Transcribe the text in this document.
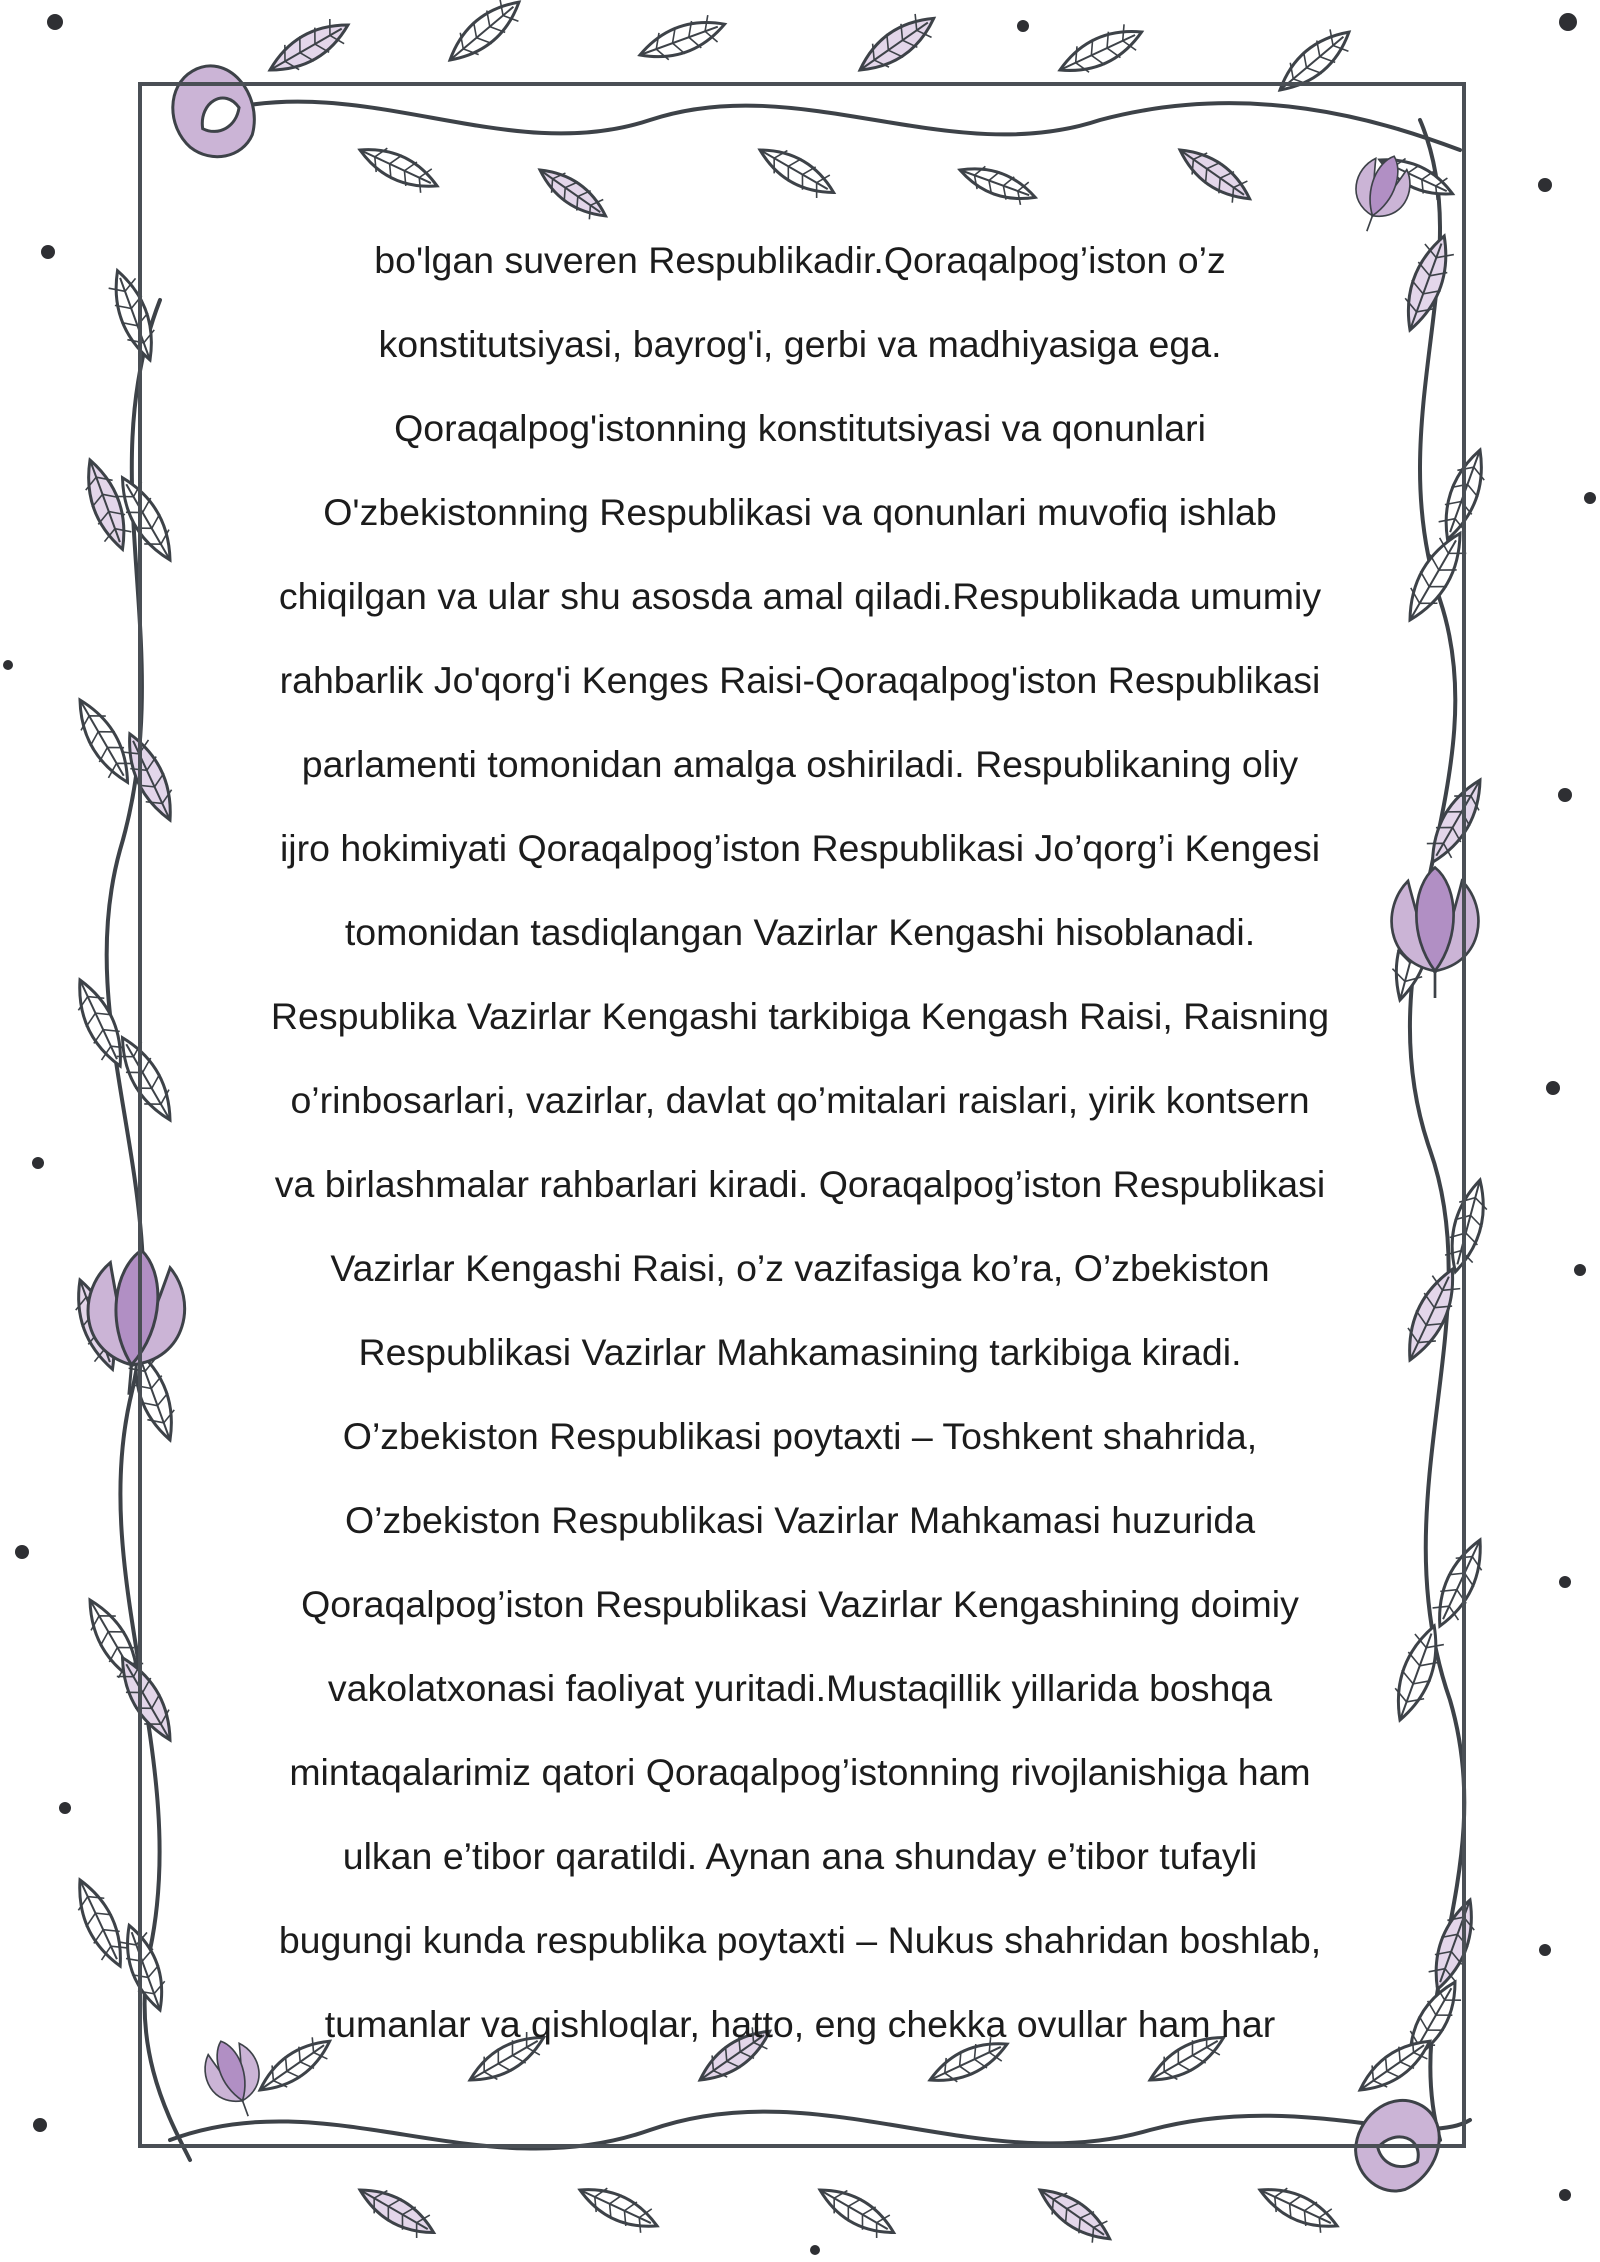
bo'lgan suveren Respublikadir.Qoraqalpog’iston o’z
konstitutsiyasi, bayrog'i, gerbi va madhiyasiga ega.
Qoraqalpog'istonning konstitutsiyasi va qonunlari
O'zbekistonning Respublikasi va qonunlari muvofiq ishlab
chiqilgan va ular shu asosda amal qiladi.Respublikada umumiy
rahbarlik Jo'qorg'i Kenges Raisi-Qoraqalpog'iston Respublikasi
parlamenti tomonidan amalga oshiriladi. Respublikaning oliy
ijro hokimiyati Qoraqalpog’iston Respublikasi Jo’qorg’i Kengesi
tomonidan tasdiqlangan Vazirlar Kengashi hisoblanadi.
Respublika Vazirlar Kengashi tarkibiga Kengash Raisi, Raisning
o’rinbosarlari, vazirlar, davlat qo’mitalari raislari, yirik kontsern
va birlashmalar rahbarlari kiradi. Qoraqalpog’iston Respublikasi
Vazirlar Kengashi Raisi, o’z vazifasiga ko’ra, O’zbekiston
Respublikasi Vazirlar Mahkamasining tarkibiga kiradi.
O’zbekiston Respublikasi poytaxti – Toshkent shahrida,
O’zbekiston Respublikasi Vazirlar Mahkamasi huzurida
Qoraqalpog’iston Respublikasi Vazirlar Kengashining doimiy
vakolatxonasi faoliyat yuritadi.Mustaqillik yillarida boshqa
mintaqalarimiz qatori Qoraqalpog’istonning rivojlanishiga ham
ulkan e’tibor qaratildi. Aynan ana shunday e’tibor tufayli
bugungi kunda respublika poytaxti – Nukus shahridan boshlab,
tumanlar va qishloqlar, hatto, eng chekka ovullar ham har
